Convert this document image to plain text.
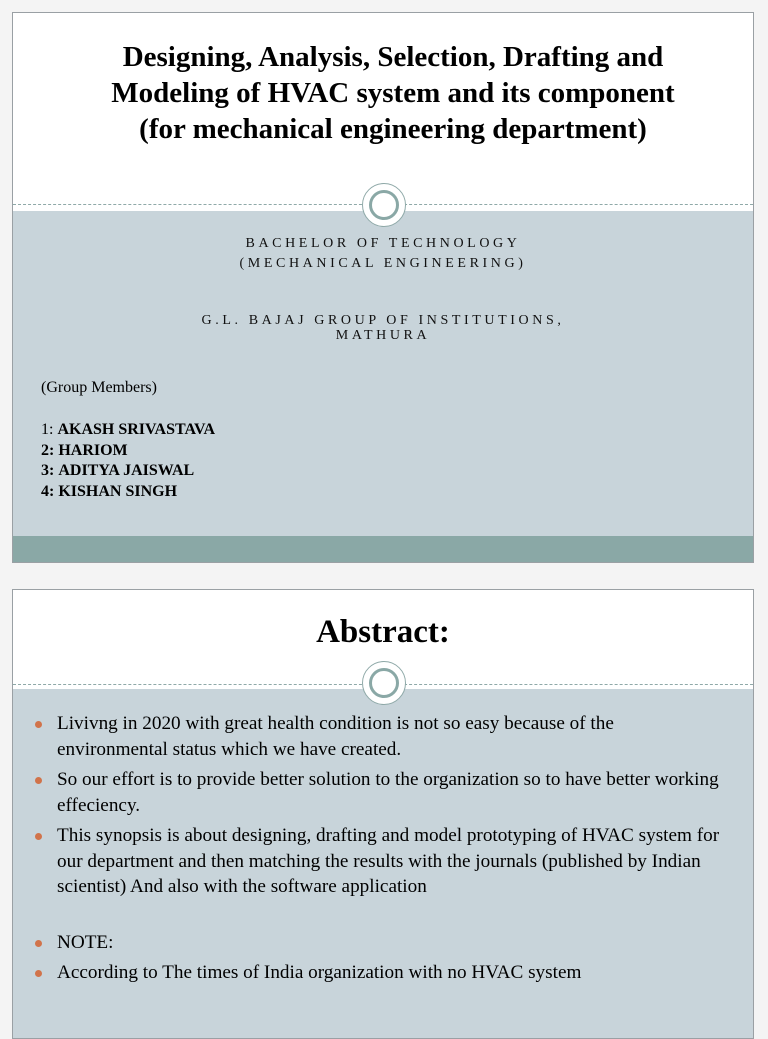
Designing, Analysis, Selection, Drafting and
Modeling of HVAC system and its component
(for mechanical engineering department)

BACHELOR OF TECHNOLOGY

(MECHANICAL ENGINEERING)

G.L. BAJAJ GROUP OF INSTITUTIONS,

MATHURA

(Group Members)

1: AKASH SRIVASTAVA
2: HARIOM
3: ADITYA JAISWAL
4: KISHAN SINGH
Abstract:
Livivng in 2020 with great health condition is not so easy because of the environmental status which we have created.
So our effort is to provide better solution to the organization so to have better working effeciency.
This synopsis is about designing, drafting and model prototyping of HVAC system for our department and then matching the results with the journals (published by Indian scientist) And also with the software application
NOTE:
According to The times of India organization with no HVAC system
